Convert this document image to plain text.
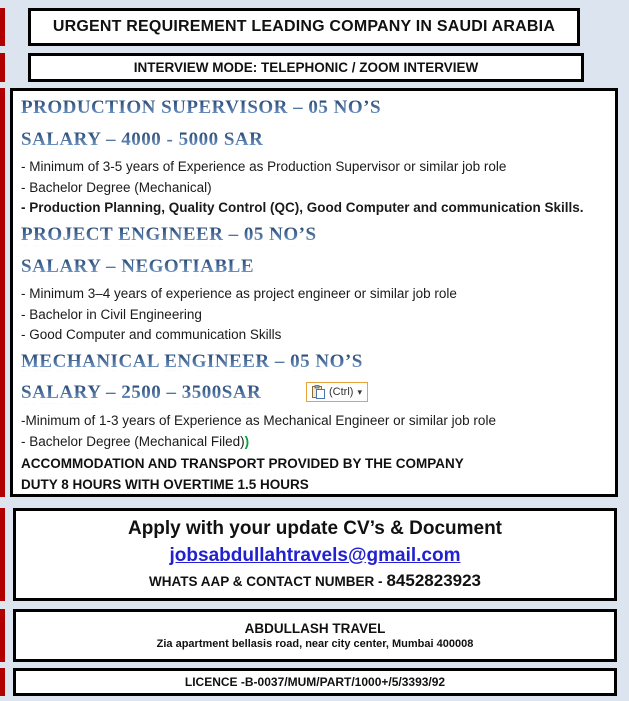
URGENT REQUIREMENT LEADING COMPANY IN SAUDI ARABIA
INTERVIEW MODE: TELEPHONIC / ZOOM INTERVIEW
PRODUCTION SUPERVISOR – 05 NO’S
SALARY – 4000 - 5000 SAR
- Minimum of 3-5 years of Experience as Production Supervisor or similar job role
- Bachelor Degree (Mechanical)
- Production Planning, Quality Control (QC), Good Computer and communication Skills.
PROJECT ENGINEER – 05 NO’S
SALARY – NEGOTIABLE
- Minimum 3–4 years of experience as project engineer or similar job role
- Bachelor in Civil Engineering
- Good Computer and communication Skills
MECHANICAL ENGINEER – 05 NO’S
SALARY – 2500 – 3500SAR
-Minimum of 1-3 years of Experience as Mechanical Engineer or similar job role
- Bachelor Degree (Mechanical Filed))
ACCOMMODATION AND TRANSPORT PROVIDED BY THE COMPANY
DUTY 8 HOURS WITH OVERTIME 1.5 HOURS
(Ctrl) ▾
Apply with your update CV’s & Document
jobsabdullahtravels@gmail.com
WHATS AAP & CONTACT NUMBER - 8452823923
ABDULLASH TRAVEL
Zia apartment bellasis road, near city center, Mumbai 400008
LICENCE -B-0037/MUM/PART/1000+/5/3393/92
